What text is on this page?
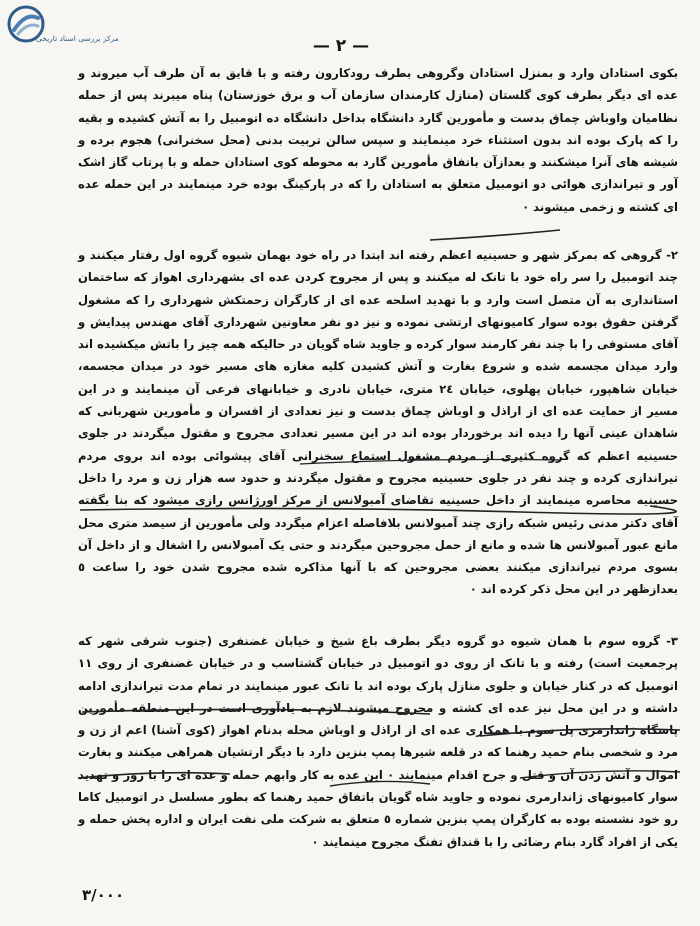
مرکز بررسی اسناد تاریخی	— ٢ —
بکوی استادان وارد و بمنزل استادان وگروهی بطرف رودکارون رفته و با قایق به آن طرف آب میروند و عده ای دیگر بطرف کوی گلستان (منازل کارمندان سازمان آب و برق خوزستان) پناه میبرند پس از حمله نظامیان واوباش چماق بدست و مأمورین گارد دانشگاه بداخل دانشگاه ده اتومبیل را به آتش کشیده و بقیه را که پارک بوده اند بدون استثناء خرد مینمایند و سپس سالن تربیت بدنی (محل سخنرانی) هجوم برده و شیشه های آنرا میشکنند و بعدازآن باتفاق مأمورین گارد به محوطه کوی استادان حمله و با پرتاب گاز اشک آور و تیراندازی هوائی دو اتومبیل متعلق به استادان را که در پارکینگ بوده خرد مینمایند در این حمله عده ای کشته و زخمی میشوند ۰
٢- گروهی که بمرکز شهر و حسینیه اعظم رفته اند ابتدا در راه خود بهمان شیوه گروه اول رفتار میکنند و چند اتومبیل را سر راه خود با تانک له میکنند و پس از مجروح کردن عده ای بشهرداری اهواز که ساختمان استانداری به آن متصل است وارد و با تهدید اسلحه عده ای از کارگران زحمتکش شهرداری را که مشغول گرفتن حقوق بوده سوار کامیونهای ارتشی نموده و نیز دو نفر معاونین شهرداری آقای مهندس پیدایش و آقای مستوفی را با چند نفر کارمند سوار کرده و جاوید شاه گویان در حالیکه همه چیز را باتش میکشیده اند وارد میدان مجسمه شده و شروع بغارت و آتش کشیدن کلیه مغازه های مسیر خود در میدان مجسمه، خیابان شاهپور، خیابان پهلوی، خیابان ٢٤ متری، خیابان نادری و خیابانهای فرعی آن مینمایند و در این مسیر از حمایت عده ای از اراذل و اوباش چماق بدست و نیز تعدادی از افسران و مأمورین شهربانی که شاهدان عینی آنها را دیده اند برخوردار بوده اند در این مسیر تعدادی مجروح و مقتول میگردند در جلوی حسینیه اعظم که گروه کثیری از مردم مشغول استماع سخنرانی آقای پیشوائی بوده اند بروی مردم تیراندازی کرده و چند نفر در جلوی حسینیه مجروح و مقتول میگردند و حدود سه هزار زن و مرد را داخل حسینیه محاصره مینمایند از داخل حسینیه تقاضای آمبولانس از مرکز اورژانس رازی میشود که بنا بگفته آقای دکتر مدنی رئیس شبکه رازی چند آمبولانس بلافاصله اعزام میگردد ولی مأمورین از سیصد متری محل مانع عبور آمبولانس ها شده و مانع از حمل مجروحین میگردند و حتی یک آمبولانس را اشغال و از داخل آن بسوی مردم تیراندازی میکنند بعضی مجروحین که با آنها مذاکره شده مجروح شدن خود را ساعت ٥ بعدازظهر در این محل ذکر کرده اند ۰
٣- گروه سوم با همان شیوه دو گروه دیگر بطرف باغ شیخ و خیابان غضنفری (جنوب شرقی شهر که پرجمعیت است) رفته و با تانک از روی دو اتومبیل در خیابان گشتاسب و در خیابان غضنفری از روی ١١ اتومبیل که در کنار خیابان و جلوی منازل پارک بوده اند با تانک عبور مینمایند در تمام مدت تیراندازی ادامه داشته و در این محل نیز عده ای کشته و مجروح میشوند لازم به یادآوری است در این منطقه مأمورین پاسگاه ژاندارمری پل سوم با همکاری عده ای از اراذل و اوباش محله بدنام اهواز (کوی آشنا) اعم از زن و مرد و شخصی بنام حمید رهنما که در قلعه شیرها پمپ بنزین دارد با دیگر ارتشیان همراهی میکنند و بغارت اموال و آتش زدن آن و قتل و جرح اقدام مینمایند ۰ این عده به کار وابهم حمله و عده ای را با زور و تهدید سوار کامیونهای ژاندارمری نموده و جاوید شاه گویان باتفاق حمید رهنما که بطور مسلسل در اتومبیل کاما رو خود نشسته بوده به کارگران پمپ بنزین شماره ٥ متعلق به شرکت ملی نفت ایران و اداره پخش حمله و یکی از افراد گارد بنام رضائی را با قنداق تفنگ مجروح مینمایند ۰
٣/٠٠٠
